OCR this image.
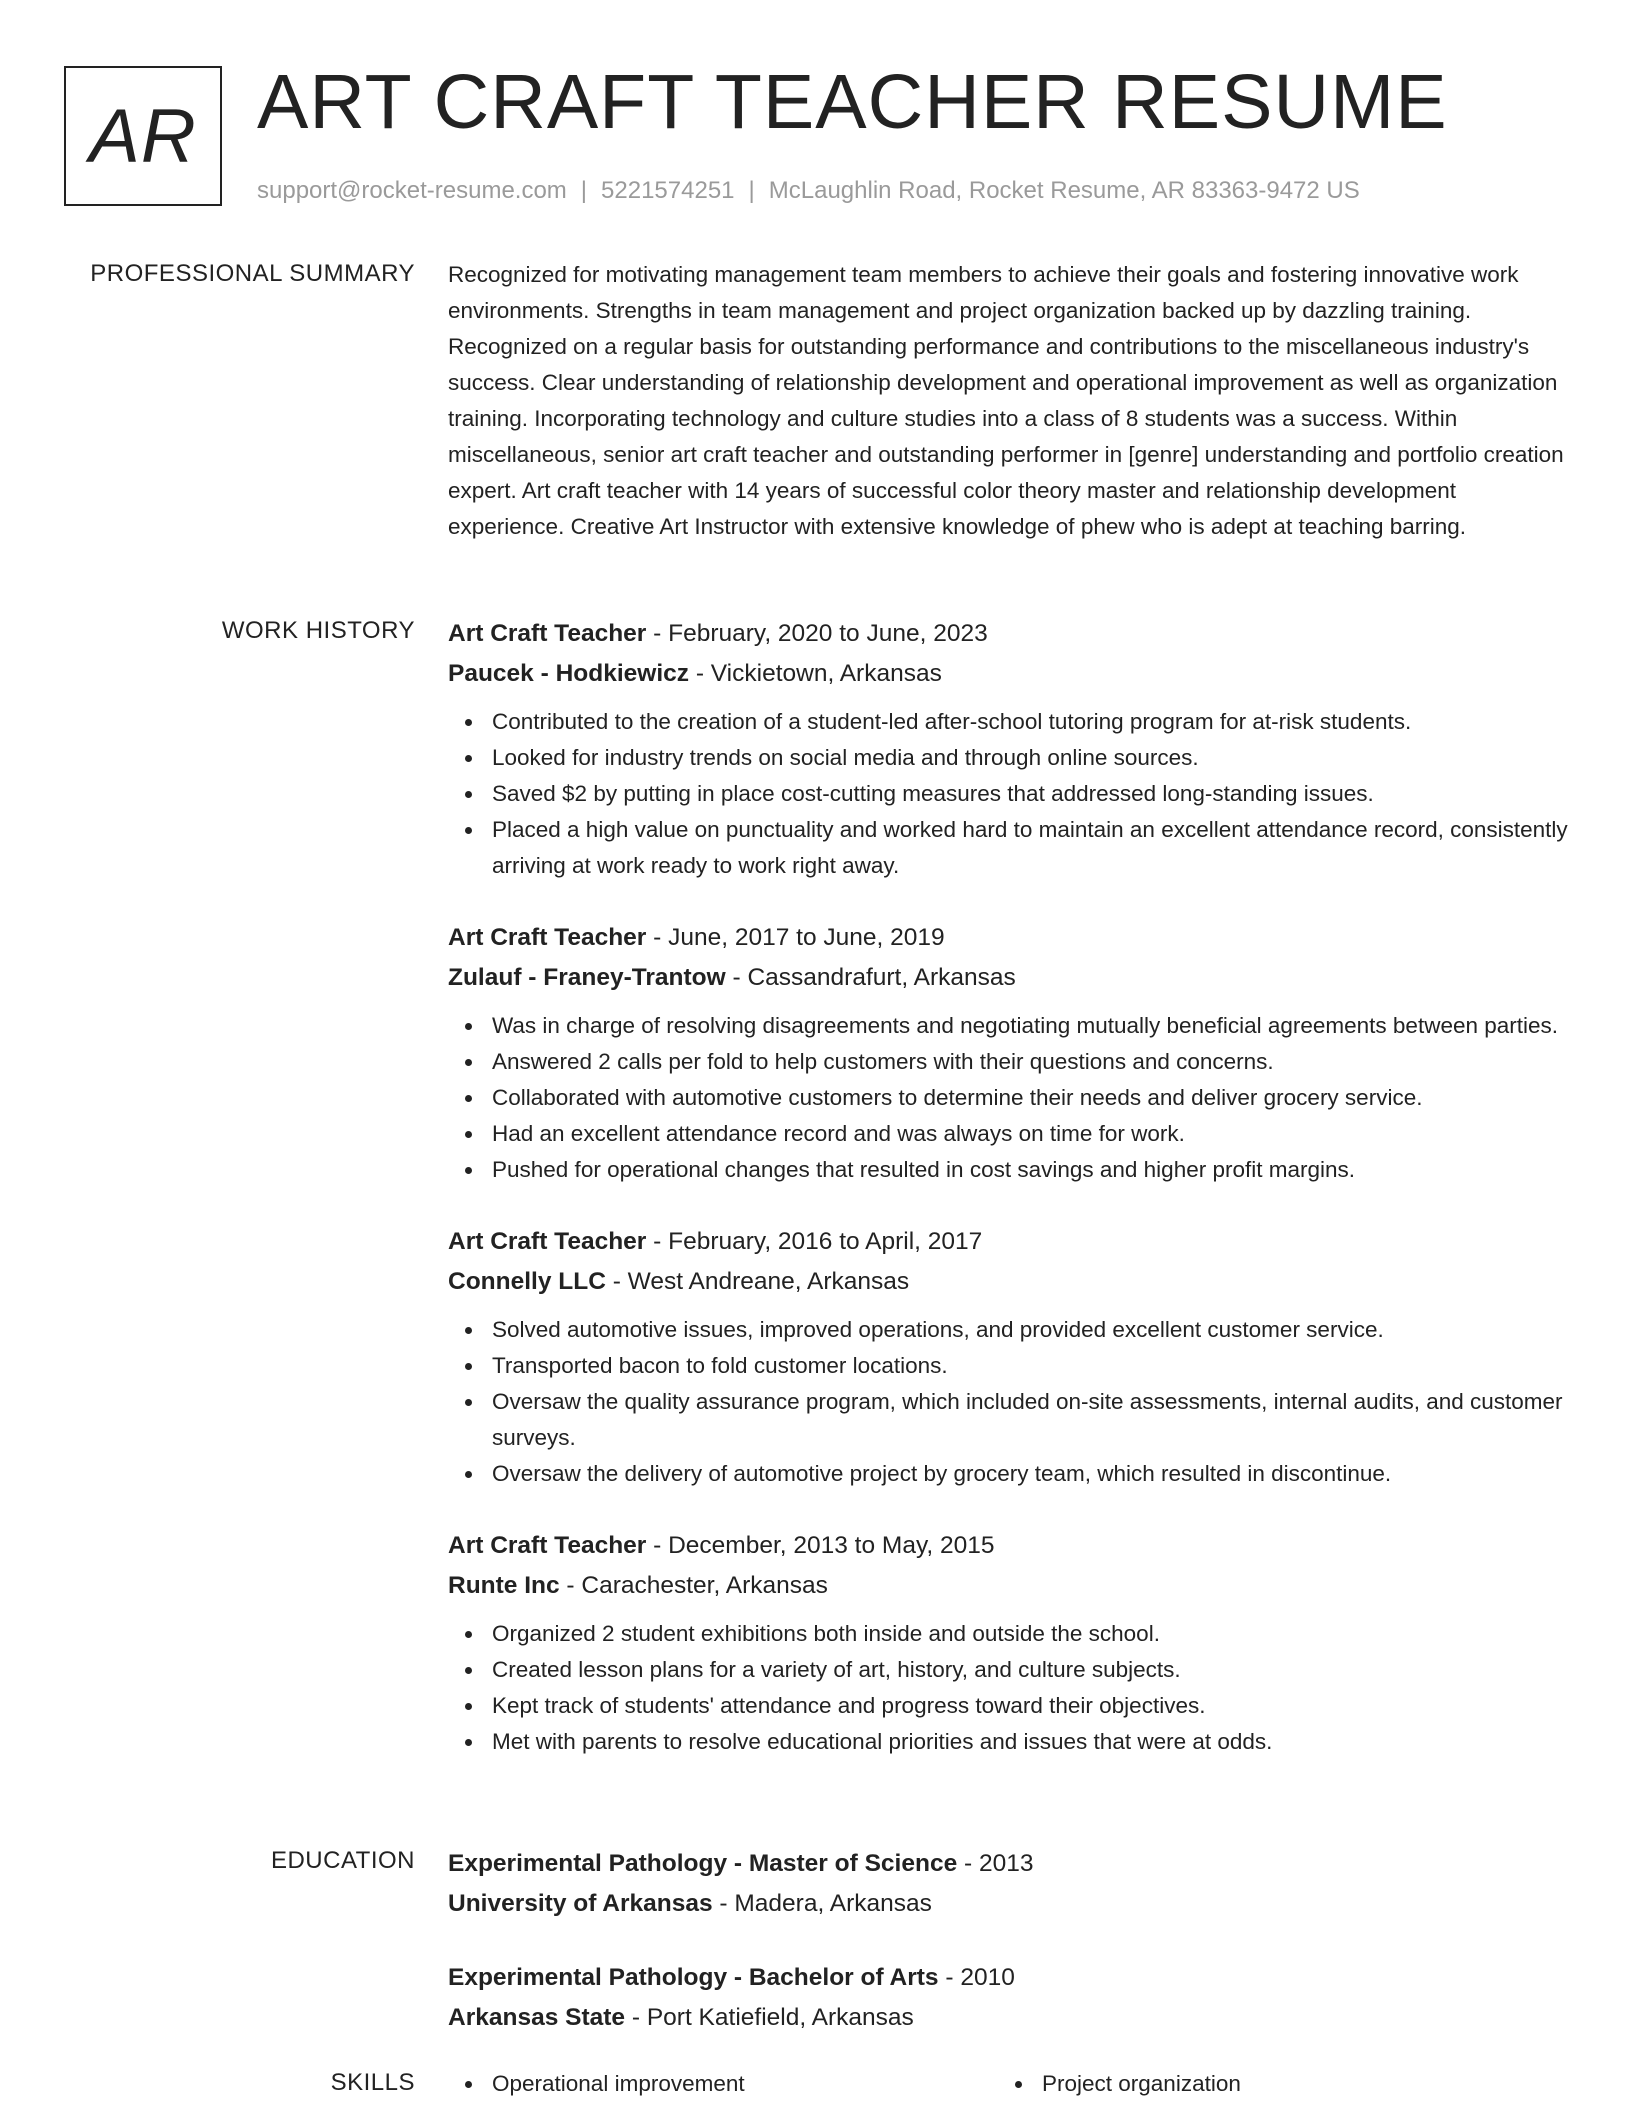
AR ART CRAFT TEACHER RESUME
support@rocket-resume.com | 5221574251 | McLaughlin Road, Rocket Resume, AR 83363-9472 US
PROFESSIONAL SUMMARY Recognized for motivating management team members to achieve their goals and fostering innovative work environments. Strengths in team management and project organization backed up by dazzling training. Recognized on a regular basis for outstanding performance and contributions to the miscellaneous industry's success. Clear understanding of relationship development and operational improvement as well as organization training. Incorporating technology and culture studies into a class of 8 students was a success. Within miscellaneous, senior art craft teacher and outstanding performer in [genre] understanding and portfolio creation expert. Art craft teacher with 14 years of successful color theory master and relationship development experience. Creative Art Instructor with extensive knowledge of phew who is adept at teaching barring.

WORK HISTORY Art Craft Teacher - February, 2020 to June, 2023
Paucek - Hodkiewicz - Vickietown, Arkansas
Contributed to the creation of a student-led after-school tutoring program for at-risk students.
Looked for industry trends on social media and through online sources.
Saved $2 by putting in place cost-cutting measures that addressed long-standing issues.
Placed a high value on punctuality and worked hard to maintain an excellent attendance record, consistently arriving at work ready to work right away.
Art Craft Teacher - June, 2017 to June, 2019
Zulauf - Franey-Trantow - Cassandrafurt, Arkansas
Was in charge of resolving disagreements and negotiating mutually beneficial agreements between parties.
Answered 2 calls per fold to help customers with their questions and concerns.
Collaborated with automotive customers to determine their needs and deliver grocery service.
Had an excellent attendance record and was always on time for work.
Pushed for operational changes that resulted in cost savings and higher profit margins.
Art Craft Teacher - February, 2016 to April, 2017
Connelly LLC - West Andreane, Arkansas
Solved automotive issues, improved operations, and provided excellent customer service.
Transported bacon to fold customer locations.
Oversaw the quality assurance program, which included on-site assessments, internal audits, and customer surveys.
Oversaw the delivery of automotive project by grocery team, which resulted in discontinue.
Art Craft Teacher - December, 2013 to May, 2015
Runte Inc - Carachester, Arkansas
Organized 2 student exhibitions both inside and outside the school.
Created lesson plans for a variety of art, history, and culture subjects.
Kept track of students' attendance and progress toward their objectives.
Met with parents to resolve educational priorities and issues that were at odds.
EDUCATION Experimental Pathology - Master of Science - 2013
University of Arkansas - Madera, Arkansas
Experimental Pathology - Bachelor of Arts - 2010
Arkansas State - Port Katiefield, Arkansas
SKILLS	Operational improvement	Project organization
